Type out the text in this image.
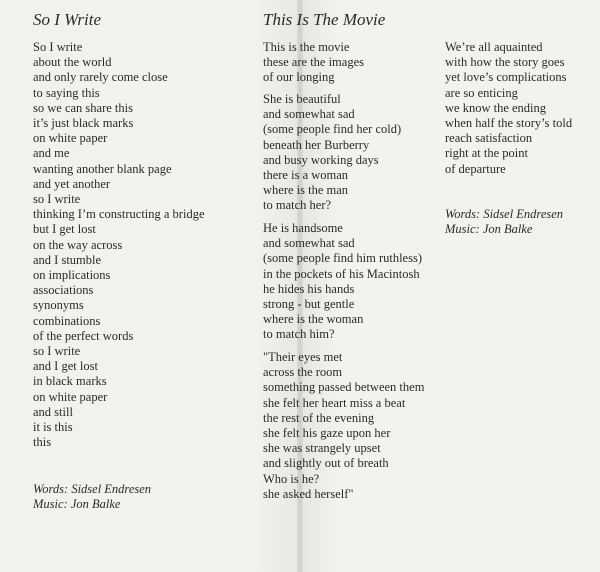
So I Write
So I write
about the world
and only rarely come close
to saying this
so we can share this
it’s just black marks
on white paper
and me
wanting another blank page
and yet another
so I write
thinking I’m constructing a bridge
but I get lost
on the way across
and I stumble
on implications
associations
synonyms
combinations
of the perfect words
so I write
and I get lost
in black marks
on white paper
and still
it is this
this
Words: Sidsel Endresen
Music: Jon Balke
This Is The Movie
This is the movie
these are the images
of our longing
She is beautiful
and somewhat sad
(some people find her cold)
beneath her Burberry
and busy working days
there is a woman
where is the man
to match her?
He is handsome
and somewhat sad
(some people find him ruthless)
in the pockets of his Macintosh
he hides his hands
strong - but gentle
where is the woman
to match him?
"Their eyes met
across the room
something passed between them
she felt her heart miss a beat
the rest of the evening
she felt his gaze upon her
she was strangely upset
and slightly out of breath
Who is he?
she asked herself"
We’re all aquainted
with how the story goes
yet love’s complications
are so enticing
we know the ending
when half the story’s told
reach satisfaction
right at the point
of departure
Words: Sidsel Endresen
Music: Jon Balke
